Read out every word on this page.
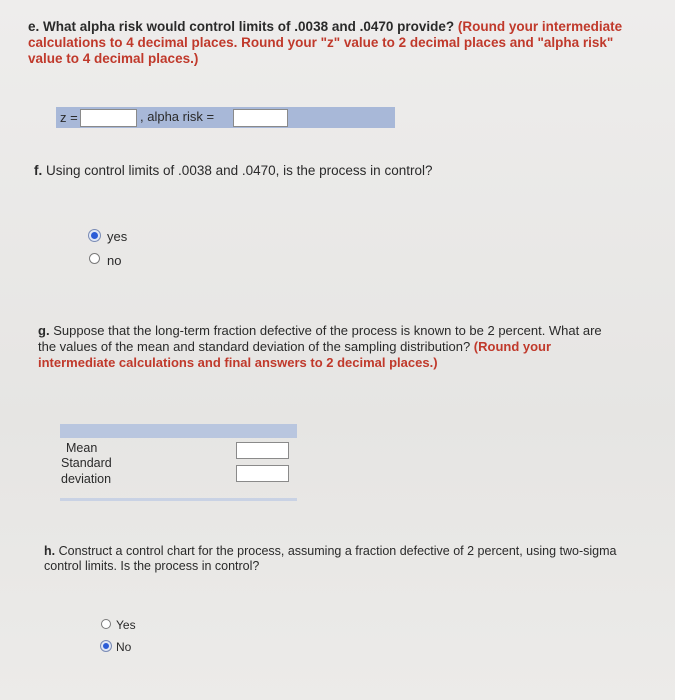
e. What alpha risk would control limits of .0038 and .0470 provide? (Round your intermediate calculations to 4 decimal places. Round your "z" value to 2 decimal places and "alpha risk" value to 4 decimal places.)
z =	, alpha risk =
f. Using control limits of .0038 and .0470, is the process in control?
yes
no
g. Suppose that the long-term fraction defective of the process is known to be 2 percent. What are the values of the mean and standard deviation of the sampling distribution? (Round your intermediate calculations and final answers to 2 decimal places.)
Mean
Standard deviation
h. Construct a control chart for the process, assuming a fraction defective of 2 percent, using two-sigma control limits. Is the process in control?
Yes
No
